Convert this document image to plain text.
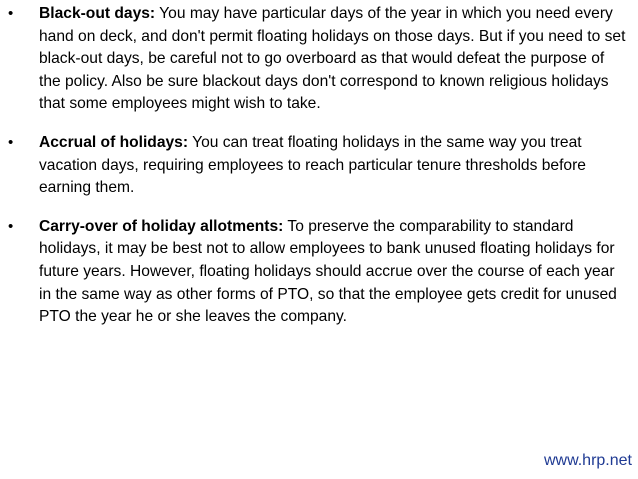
• Black-out days: You may have particular days of the year in which you need every hand on deck, and don't permit floating holidays on those days. But if you need to set black-out days, be careful not to go overboard as that would defeat the purpose of the policy. Also be sure blackout days don't correspond to known religious holidays that some employees might wish to take.
• Accrual of holidays: You can treat floating holidays in the same way you treat vacation days, requiring employees to reach particular tenure thresholds before earning them.
• Carry-over of holiday allotments: To preserve the comparability to standard holidays, it may be best not to allow employees to bank unused floating holidays for future years. However, floating holidays should accrue over the course of each year in the same way as other forms of PTO, so that the employee gets credit for unused PTO the year he or she leaves the company.
www.hrp.net
